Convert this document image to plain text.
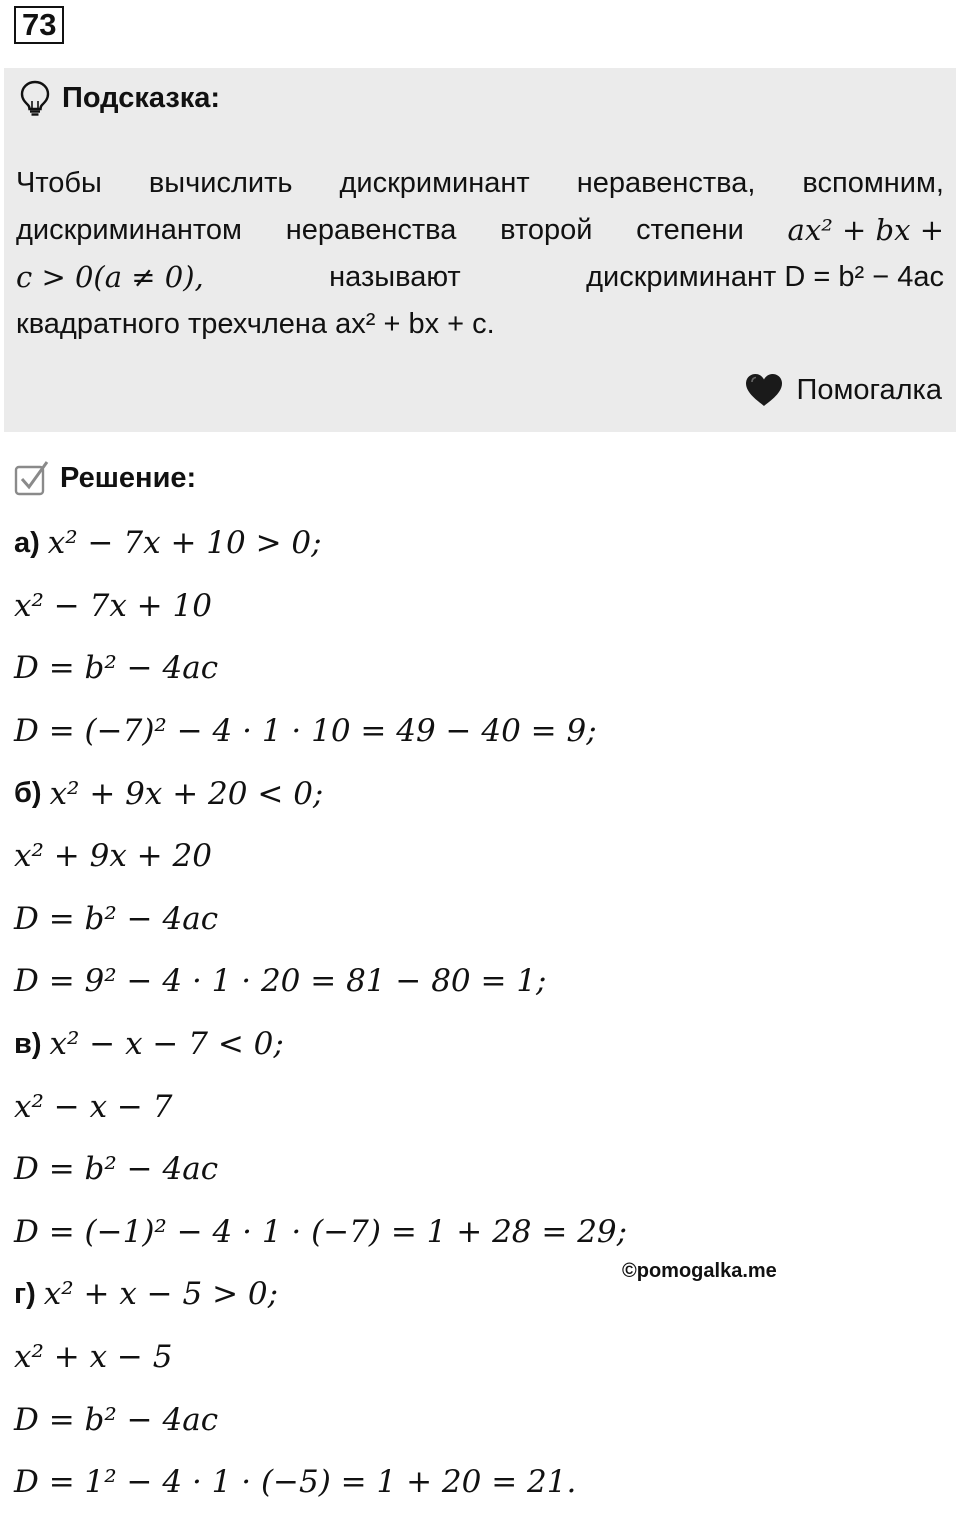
73
Подсказка:
Чтобы вычислить дискриминант неравенства, вспомним,
дискриминантом неравенства второй степени ax² + bx +
c > 0(a ≠ 0),	называют	дискриминант D = b² − 4ac
квадратного трехчлена ax² + bx + c.
Помогалка
Решение:
а) x² − 7x + 10 > 0;
x² − 7x + 10
D = b² − 4ac
D = (−7)² − 4 · 1 · 10 = 49 − 40 = 9;
б) x² + 9x + 20 < 0;
x² + 9x + 20
D = b² − 4ac
D = 9² − 4 · 1 · 20 = 81 − 80 = 1;
в) x² − x − 7 < 0;
x² − x − 7
D = b² − 4ac
D = (−1)² − 4 · 1 · (−7) = 1 + 28 = 29;
г) x² + x − 5 > 0;
x² + x − 5
D = b² − 4ac
D = 1² − 4 · 1 · (−5) = 1 + 20 = 21.
©pomogalka.me
